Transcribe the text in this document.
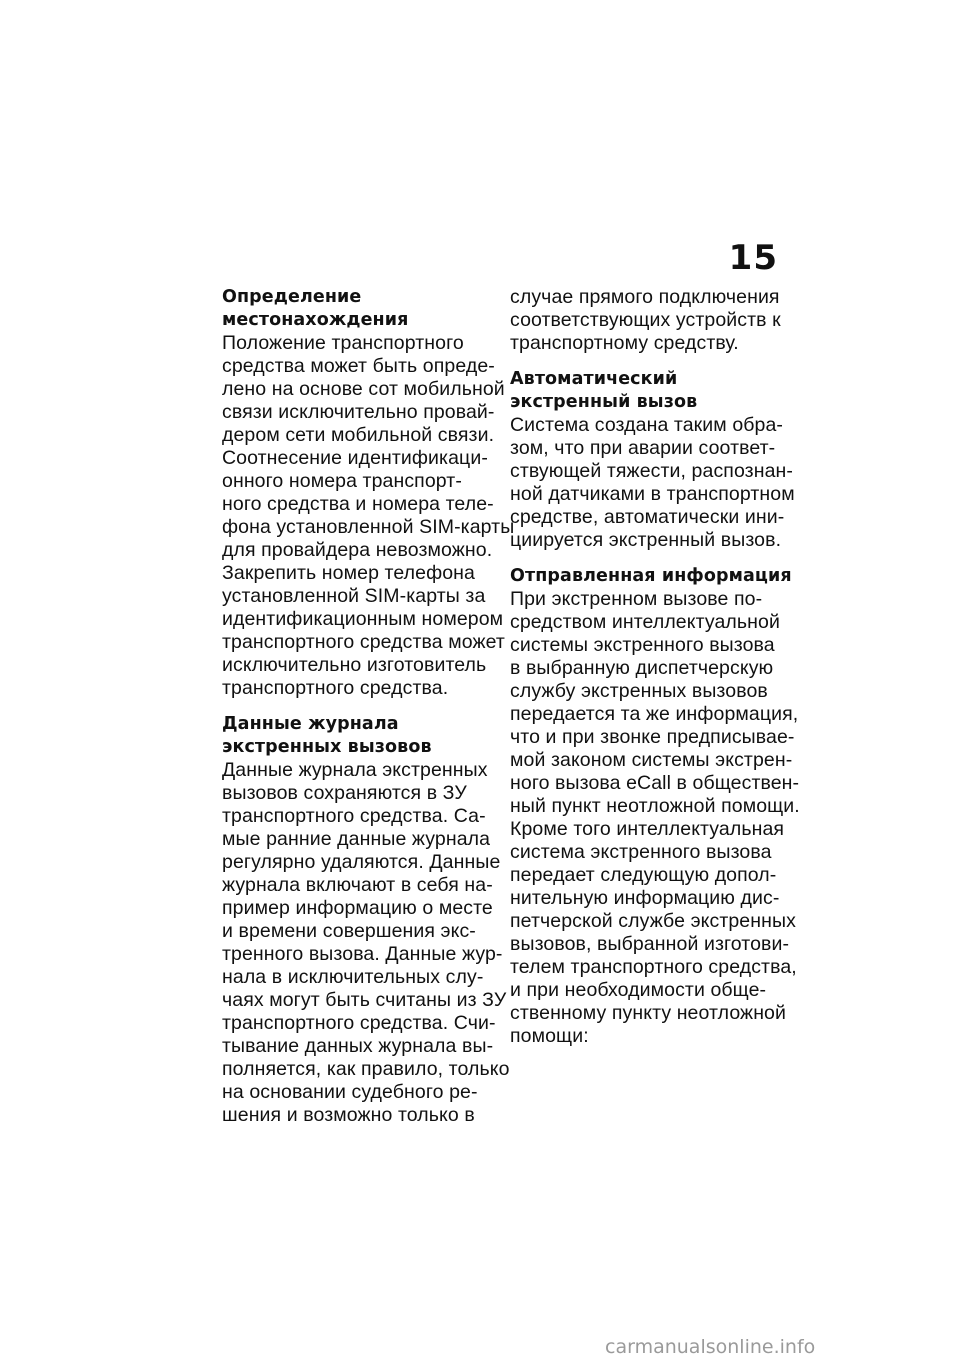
15
Определение
местонахождения
Положение транспортного
средства может быть опреде-
лено на основе сот мобильной
связи исключительно провай-
дером сети мобильной связи.
Соотнесение идентификаци-
онного номера транспорт-
ного средства и номера теле-
фона установленной SIM-карты
для провайдера невозможно.
Закрепить номер телефона
установленной SIM-карты за
идентификационным номером
транспортного средства может
исключительно изготовитель
транспортного средства.
Данные журнала
экстренных вызовов
Данные журнала экстренных
вызовов сохраняются в ЗУ
транспортного средства. Са-
мые ранние данные журнала
регулярно удаляются. Данные
журнала включают в себя на-
пример информацию о месте
и времени совершения экс-
тренного вызова. Данные жур-
нала в исключительных слу-
чаях могут быть считаны из ЗУ
транспортного средства. Счи-
тывание данных журнала вы-
полняется, как правило, только
на основании судебного ре-
шения и возможно только в
случае прямого подключения
соответствующих устройств к
транспортному средству.
Автоматический
экстренный вызов
Система создана таким обра-
зом, что при аварии соответ-
ствующей тяжести, распознан-
ной датчиками в транспортном
средстве, автоматически ини-
циируется экстренный вызов.
Отправленная информация
При экстренном вызове по-
средством интеллектуальной
системы экстренного вызова
в выбранную диспетчерскую
службу экстренных вызовов
передается та же информация,
что и при звонке предписывае-
мой законом системы экстрен-
ного вызова eCall в обществен-
ный пункт неотложной помощи.
Кроме того интеллектуальная
система экстренного вызова
передает следующую допол-
нительную информацию дис-
петчерской службе экстренных
вызовов, выбранной изготови-
телем транспортного средства,
и при необходимости обще-
ственному пункту неотложной
помощи:
carmanualsonline.info
